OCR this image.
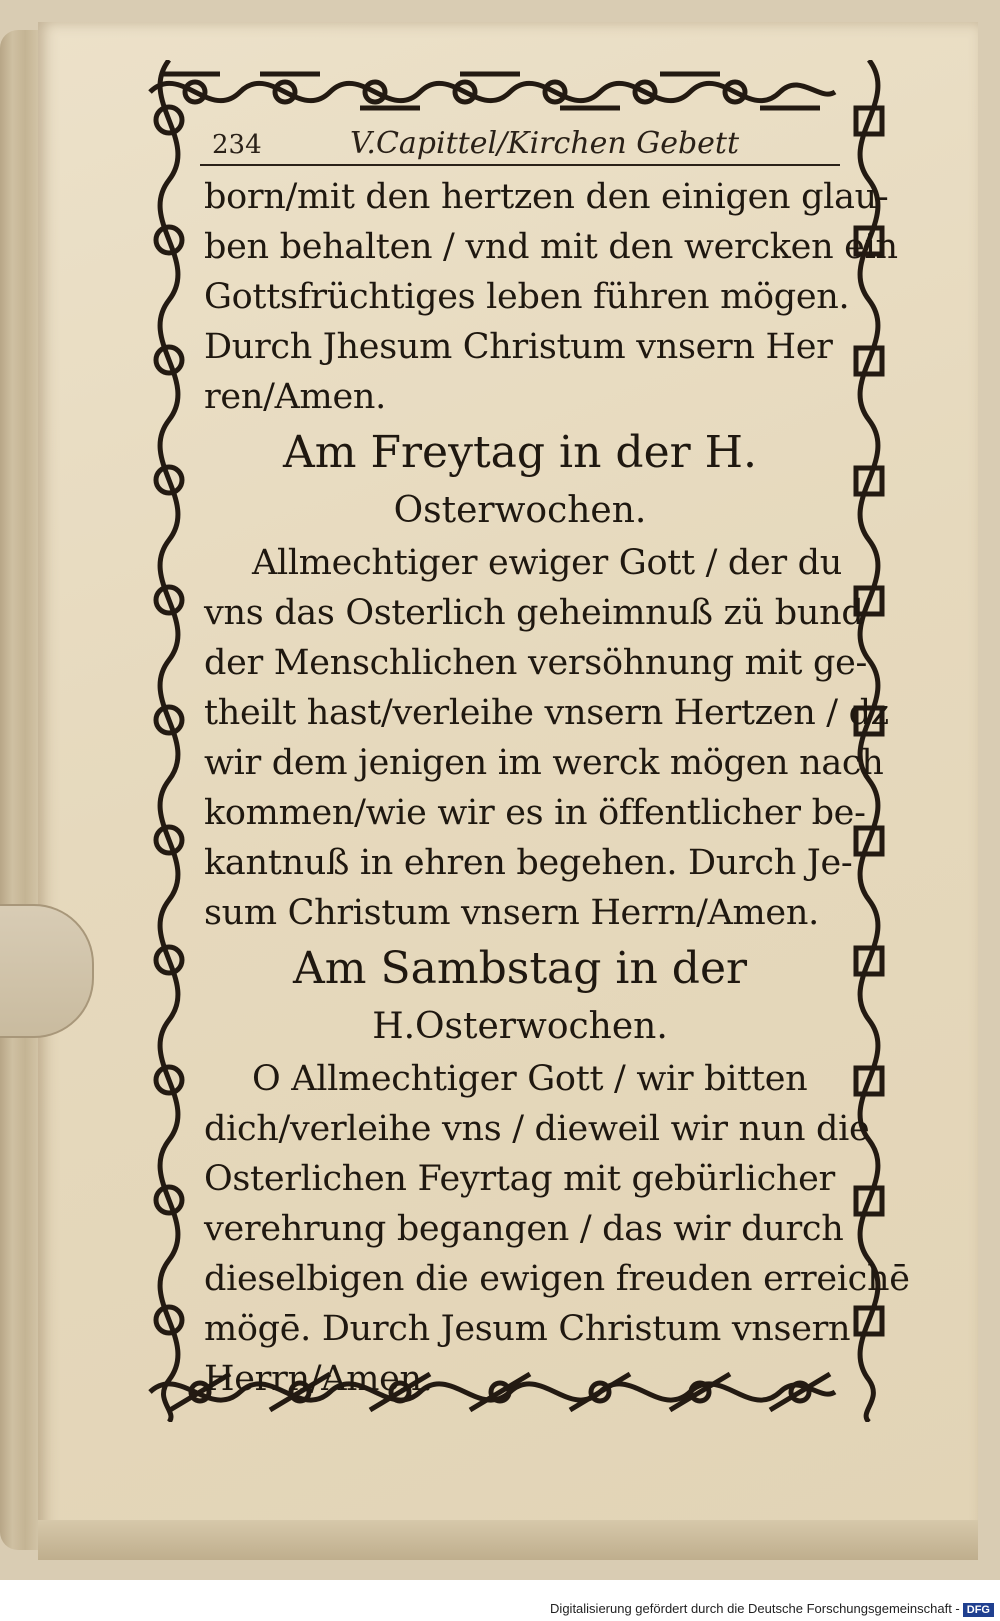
234	V.Capittel/Kirchen Gebett
born/mit den hertzen den einigen glau-
ben behalten / vnd mit den wercken ein
Gottsfrüchtiges leben führen mögen.
Durch Jhesum Christum vnsern Her
ren/Amen.
Am Freytag in der H.
Osterwochen.
Allmechtiger ewiger Gott / der du
vns das Osterlich geheimnuß zü bund
der Menschlichen versöhnung mit ge-
theilt hast/verleihe vnsern Hertzen / dz
wir dem jenigen im werck mögen nach
kommen/wie wir es in öffentlicher be-
kantnuß in ehren begehen. Durch Je-
sum Christum vnsern Herrn/Amen.
Am Sambstag in der
H.Osterwochen.
O Allmechtiger Gott / wir bitten
dich/verleihe vns / dieweil wir nun die
Osterlichen Feyrtag mit gebürlicher
verehrung begangen / das wir durch
dieselbigen die ewigen freuden erreichē
mögē. Durch Jesum Christum vnsern
Herrn/Amen.
Digitalisierung gefördert durch die Deutsche Forschungsgemeinschaft - DFG
